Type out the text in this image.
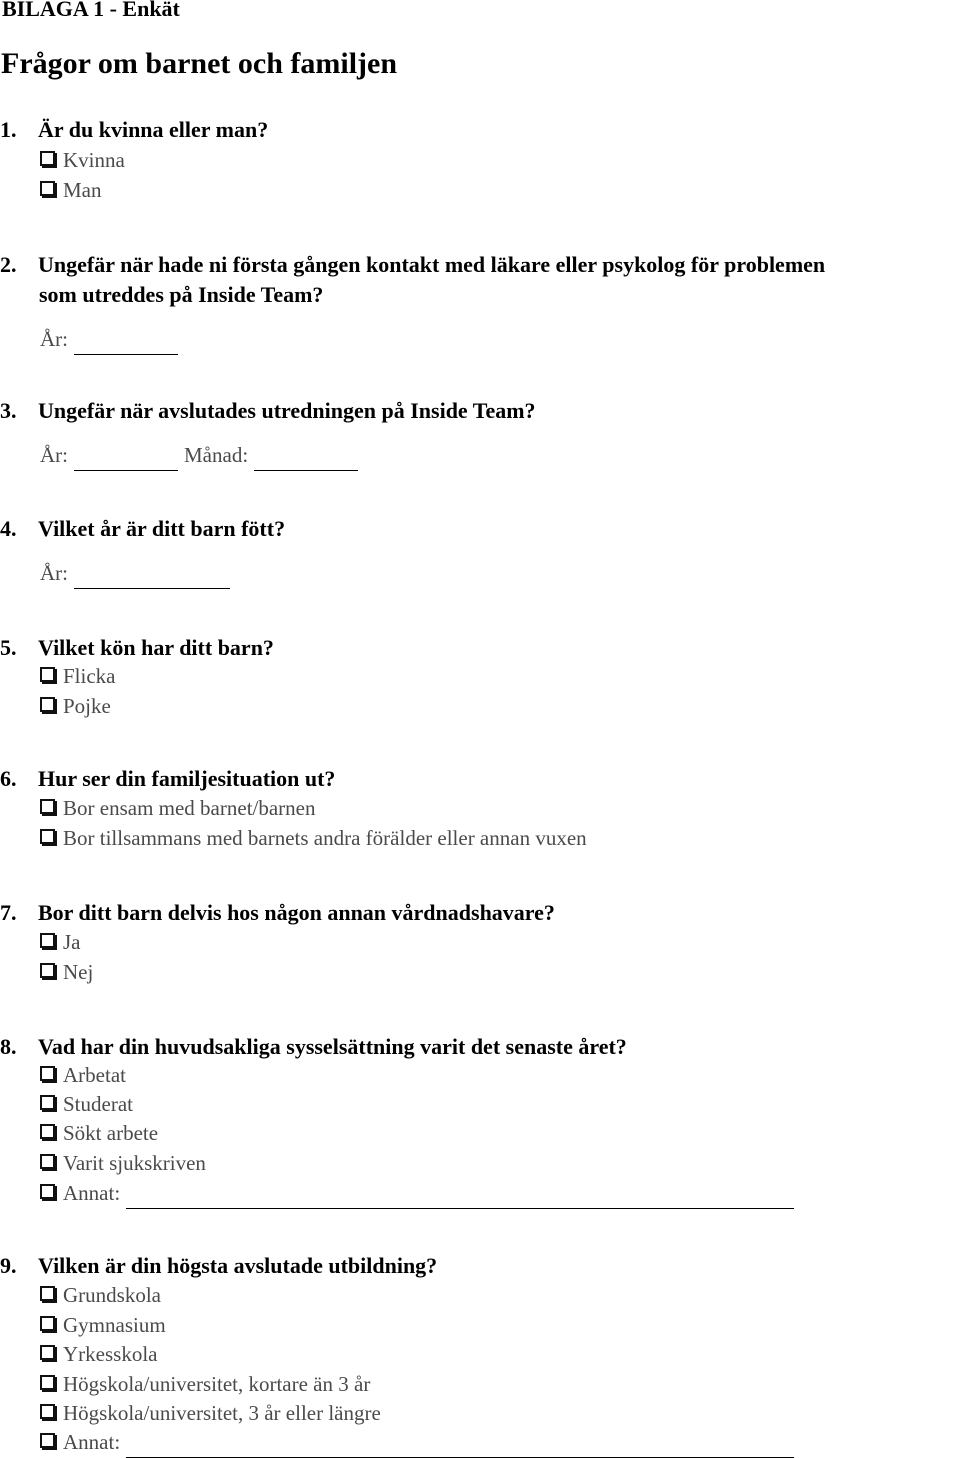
BILAGA 1 - Enkät
Frågor om barnet och familjen
1. Är du kvinna eller man?
Kvinna
Man
2. Ungefär när hade ni första gången kontakt med läkare eller psykolog för problemen
som utreddes på Inside Team?
År:
3. Ungefär när avslutades utredningen på Inside Team?
År:	Månad:
4. Vilket år är ditt barn fött?
År:
5. Vilket kön har ditt barn?
Flicka
Pojke
6. Hur ser din familjesituation ut?
Bor ensam med barnet/barnen
Bor tillsammans med barnets andra förälder eller annan vuxen
7. Bor ditt barn delvis hos någon annan vårdnadshavare?
Ja
Nej
8. Vad har din huvudsakliga sysselsättning varit det senaste året?
Arbetat
Studerat
Sökt arbete
Varit sjukskriven
Annat:
9. Vilken är din högsta avslutade utbildning?
Grundskola
Gymnasium
Yrkesskola
Högskola/universitet, kortare än 3 år
Högskola/universitet, 3 år eller längre
Annat:
